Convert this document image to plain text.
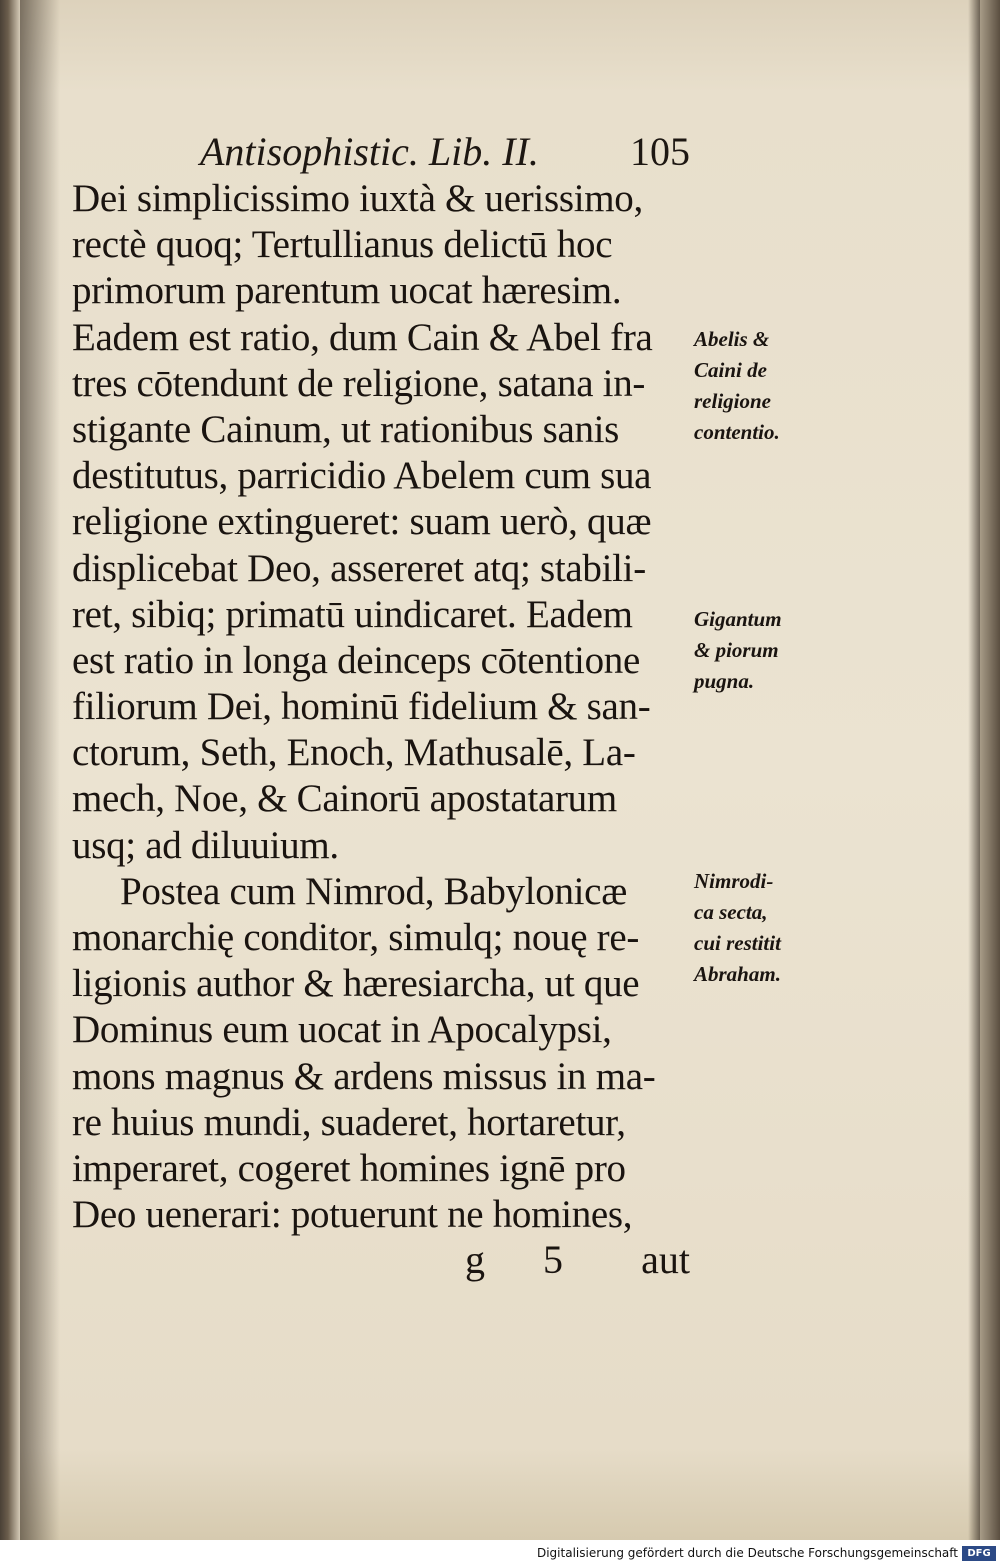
Antisophistic. Lib. II. 105
Dei simplicissimo iuxtà & uerissimo,
rectè quoq; Tertullianus delictū hoc
primorum parentum uocat hæresim.
Eadem est ratio, dum Cain & Abel fra
tres cōtendunt de religione, satana in-
stigante Cainum, ut rationibus sanis
destitutus, parricidio Abelem cum sua
religione extingueret: suam uerò, quæ
displicebat Deo, assereret atq; stabili-
ret, sibiq; primatū uindicaret. Eadem
est ratio in longa deinceps cōtentione
filiorum Dei, hominū fidelium & san-
ctorum, Seth, Enoch, Mathusalē, La-
mech, Noe, & Cainorū apostatarum
usq; ad diluuium.
Postea cum Nimrod, Babylonicæ
monarchię conditor, simulq; nouę re-
ligionis author & hæresiarcha, ut que
Dominus eum uocat in Apocalypsi,
mons magnus & ardens missus in ma-
re huius mundi, suaderet, hortaretur,
imperaret, cogeret homines ignē pro
Deo uenerari: potuerunt ne homines,
Abelis &
Caini de
religione
contentio.
Gigantum
& piorum
pugna.
Nimrodi-
ca secta,
cui restitit
Abraham.
g 5 aut
Digitalisierung gefördert durch die Deutsche Forschungsgemeinschaft DFG
